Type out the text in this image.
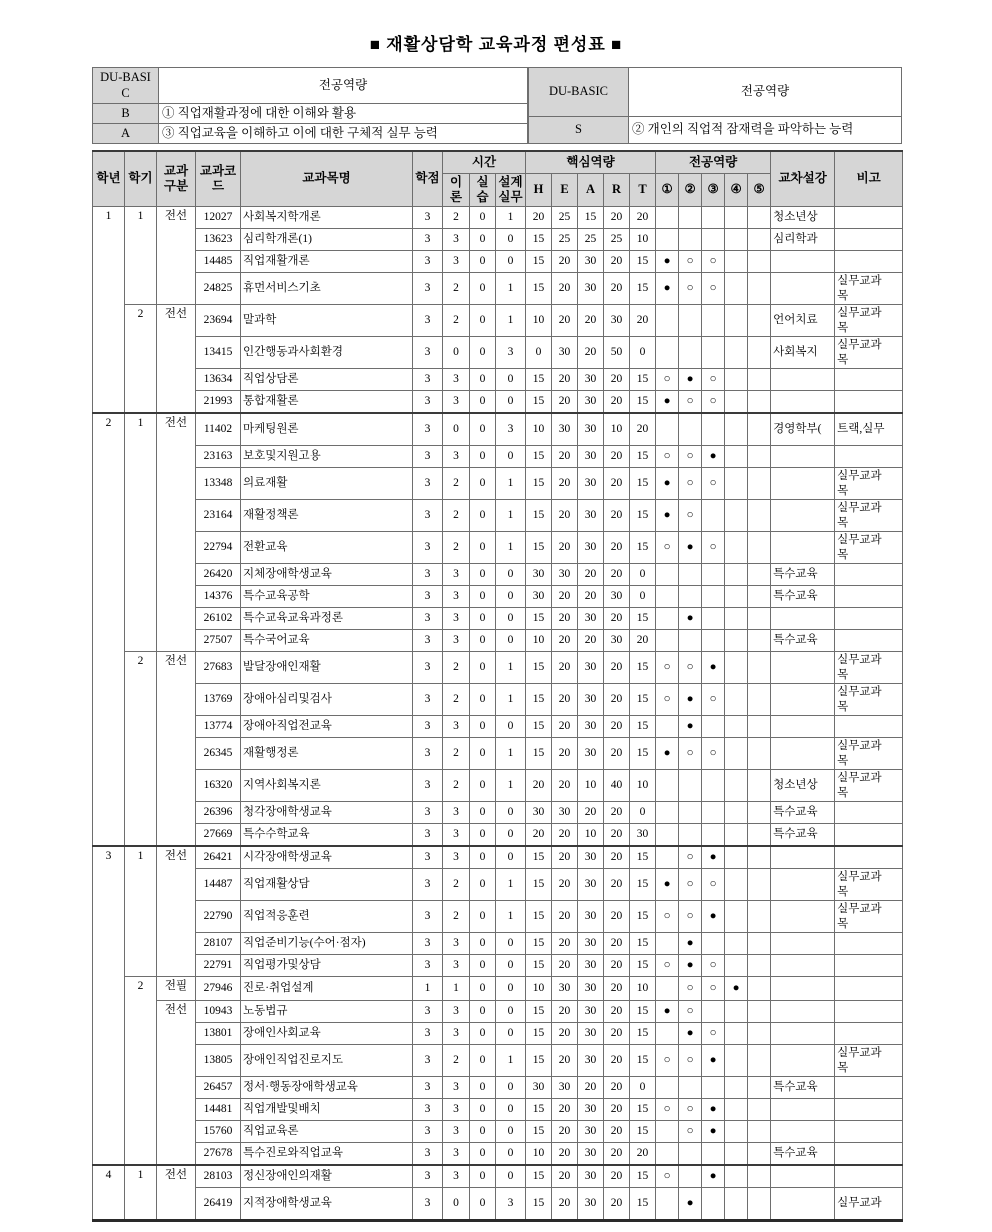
■ 재활상담학 교육과정 편성표 ■
DU-BASIC	전공역량
B	① 직업재활과정에 대한 이해와 활용
A	③ 직업교육을 이해하고 이에 대한 구체적 실무 능력
DU-BASIC	전공역량
S	② 개인의 직업적 잠재력을 파악하는 능력
학년	학기	교과구분	교과코드	교과목명	학점	시간			핵심역량					전공역량					교차설강	비고
						이론	실습	설계실무	H	E	A	R	T	①	②	③	④	⑤		
1	1	전선	12027	사회복지학개론	3	2	0	1	20	25	15	20	20						청소년상	
			13623	심리학개론(1)	3	3	0	0	15	25	25	25	10						심리학과	
			14485	직업재활개론	3	3	0	0	15	20	30	20	15	●	○	○				
			24825	휴먼서비스기초	3	2	0	1	15	20	30	20	15	●	○	○				실무교과목
	2	전선	23694	말과학	3	2	0	1	10	20	20	30	20						언어치료	실무교과목
			13415	인간행동과사회환경	3	0	0	3	0	30	20	50	0						사회복지	실무교과목
			13634	직업상담론	3	3	0	0	15	20	30	20	15	○	●	○				
			21993	통합재활론	3	3	0	0	15	20	30	20	15	●	○	○				
2	1	전선	11402	마케팅원론	3	0	0	3	10	30	30	10	20						경영학부(	트랙,실무
			23163	보호및지원고용	3	3	0	0	15	20	30	20	15	○	○	●				
			13348	의료재활	3	2	0	1	15	20	30	20	15	●	○	○				실무교과목
			23164	재활정책론	3	2	0	1	15	20	30	20	15	●	○					실무교과목
			22794	전환교육	3	2	0	1	15	20	30	20	15	○	●	○				실무교과목
			26420	지체장애학생교육	3	3	0	0	30	30	20	20	0						특수교육	
			14376	특수교육공학	3	3	0	0	30	20	20	30	0						특수교육	
			26102	특수교육교육과정론	3	3	0	0	15	20	30	20	15		●					
			27507	특수국어교육	3	3	0	0	10	20	20	30	20						특수교육	
	2	전선	27683	발달장애인재활	3	2	0	1	15	20	30	20	15	○	○	●				실무교과목
			13769	장애아심리및검사	3	2	0	1	15	20	30	20	15	○	●	○				실무교과목
			13774	장애아직업전교육	3	3	0	0	15	20	30	20	15		●					
			26345	재활행정론	3	2	0	1	15	20	30	20	15	●	○	○				실무교과목
			16320	지역사회복지론	3	2	0	1	20	20	10	40	10						청소년상	실무교과목
			26396	청각장애학생교육	3	3	0	0	30	30	20	20	0						특수교육	
			27669	특수수학교육	3	3	0	0	20	20	10	20	30						특수교육	
3	1	전선	26421	시각장애학생교육	3	3	0	0	15	20	30	20	15		○	●				
			14487	직업재활상담	3	2	0	1	15	20	30	20	15	●	○	○				실무교과목
			22790	직업적응훈련	3	2	0	1	15	20	30	20	15	○	○	●				실무교과목
			28107	직업준비기능(수어·점자)	3	3	0	0	15	20	30	20	15		●					
			22791	직업평가및상담	3	3	0	0	15	20	30	20	15	○	●	○				
	2	전필	27946	진로·취업설계	1	1	0	0	10	30	30	20	10		○	○	●			
		전선	10943	노동법규	3	3	0	0	15	20	30	20	15	●	○					
			13801	장애인사회교육	3	3	0	0	15	20	30	20	15		●	○				
			13805	장애인직업진로지도	3	2	0	1	15	20	30	20	15	○	○	●				실무교과목
			26457	정서·행동장애학생교육	3	3	0	0	30	30	20	20	0						특수교육	
			14481	직업개발및배치	3	3	0	0	15	20	30	20	15	○	○	●				
			15760	직업교육론	3	3	0	0	15	20	30	20	15		○	●				
			27678	특수진로와직업교육	3	3	0	0	10	20	30	20	20						특수교육	
4	1	전선	28103	정신장애인의재활	3	3	0	0	15	20	30	20	15	○		●				
			26419	지적장애학생교육	3	0	0	3	15	20	30	20	15		●					실무교과
